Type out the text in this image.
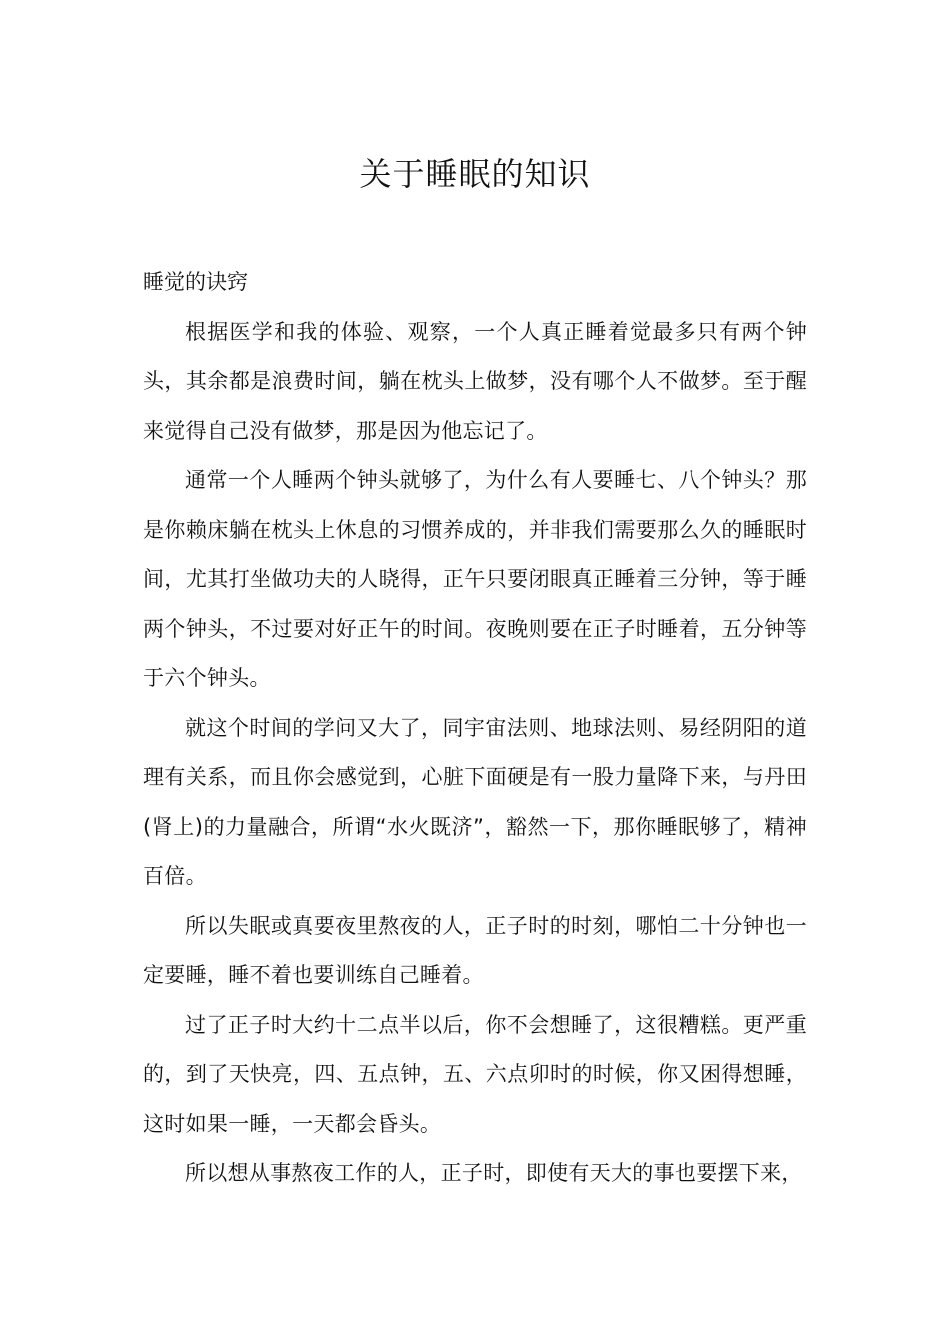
关于睡眠的知识

睡觉的诀窍

根据医学和我的体验、观察，一个人真正睡着觉最多只有两个钟头，其余都是浪费时间，躺在枕头上做梦，没有哪个人不做梦。至于醒来觉得自己没有做梦，那是因为他忘记了。

通常一个人睡两个钟头就够了，为什么有人要睡七、八个钟头？那是你赖床躺在枕头上休息的习惯养成的，并非我们需要那么久的睡眠时间，尤其打坐做功夫的人晓得，正午只要闭眼真正睡着三分钟，等于睡两个钟头，不过要对好正午的时间。夜晚则要在正子时睡着，五分钟等于六个钟头。

就这个时间的学问又大了，同宇宙法则、地球法则、易经阴阳的道理有关系，而且你会感觉到，心脏下面硬是有一股力量降下来，与丹田(肾上)的力量融合，所谓“水火既济”，豁然一下，那你睡眠够了，精神百倍。

所以失眠或真要夜里熬夜的人，正子时的时刻，哪怕二十分钟也一定要睡，睡不着也要训练自己睡着。

过了正子时大约十二点半以后，你不会想睡了，这很糟糕。更严重的，到了天快亮，四、五点钟，五、六点卯时的时候，你又困得想睡，这时如果一睡，一天都会昏头。

所以想从事熬夜工作的人，正子时，即使有天大的事也要摆下来，
